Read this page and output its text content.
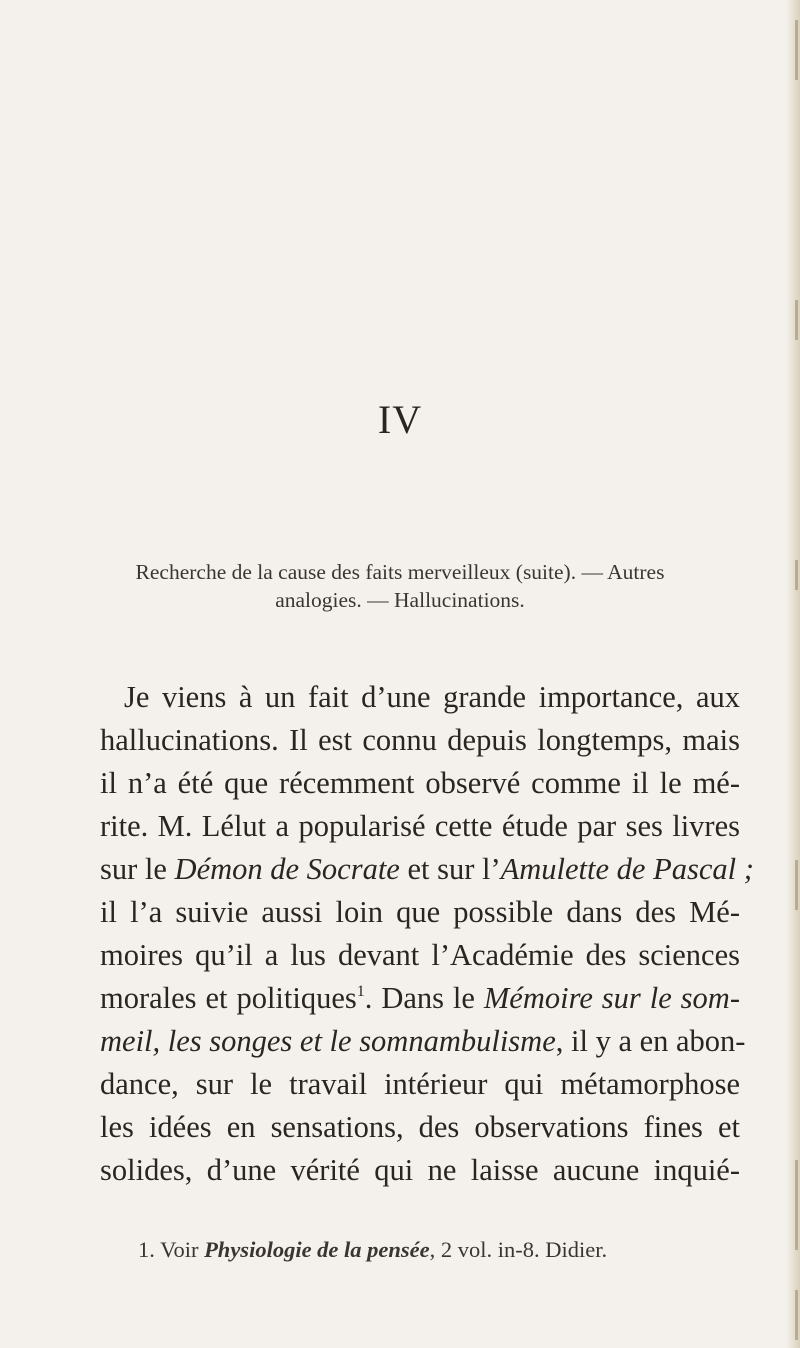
IV
Recherche de la cause des faits merveilleux (suite). — Autres
analogies. — Hallucinations.
Je viens à un fait d’une grande importance, aux
hallucinations. Il est connu depuis longtemps, mais
il n’a été que récemment observé comme il le mé-
rite. M. Lélut a popularisé cette étude par ses livres
sur le Démon de Socrate et sur l’Amulette de Pascal ;
il l’a suivie aussi loin que possible dans des Mé-
moires qu’il a lus devant l’Académie des sciences
morales et politiques$^1$. Dans le Mémoire sur le som-
meil, les songes et le somnambulisme, il y a en abon-
dance, sur le travail intérieur qui métamorphose
les idées en sensations, des observations fines et
solides, d’une vérité qui ne laisse aucune inquié-
1. Voir Physiologie de la pensée, 2 vol. in-8. Didier.
